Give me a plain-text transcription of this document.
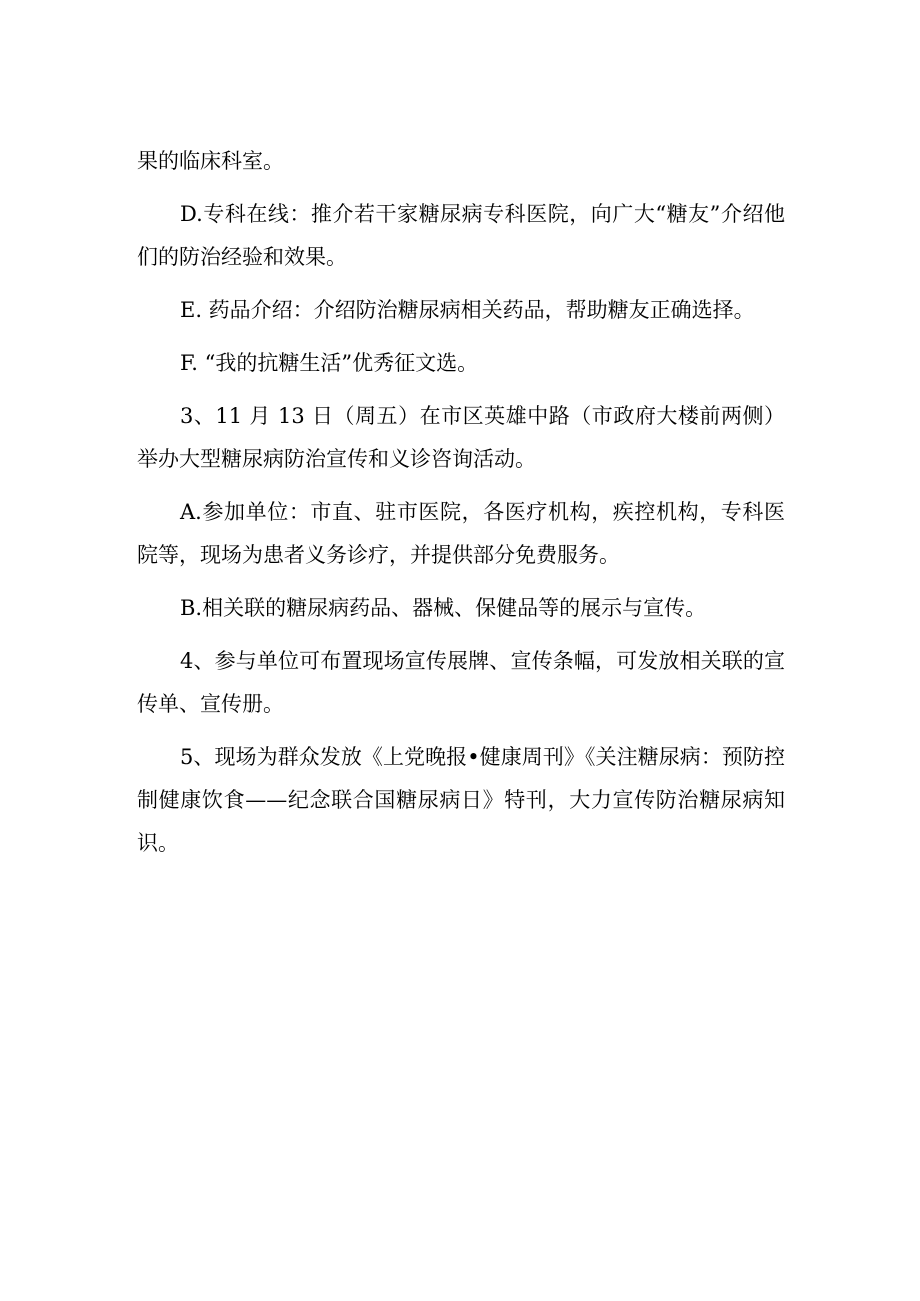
果的临床科室。

D.专科在线：推介若干家糖尿病专科医院，向广大“糖友”介绍他们的防治经验和效果。

E. 药品介绍：介绍防治糖尿病相关药品，帮助糖友正确选择。

F. “我的抗糖生活”优秀征文选。

3、11 月 13 日（周五）在市区英雄中路（市政府大楼前两侧）举办大型糖尿病防治宣传和义诊咨询活动。

A.参加单位：市直、驻市医院，各医疗机构，疾控机构，专科医院等，现场为患者义务诊疗，并提供部分免费服务。

B.相关联的糖尿病药品、器械、保健品等的展示与宣传。

4、参与单位可布置现场宣传展牌、宣传条幅，可发放相关联的宣传单、宣传册。

5、现场为群众发放《上党晚报•健康周刊》《关注糖尿病：预防控制健康饮食——纪念联合国糖尿病日》特刊，大力宣传防治糖尿病知识。
